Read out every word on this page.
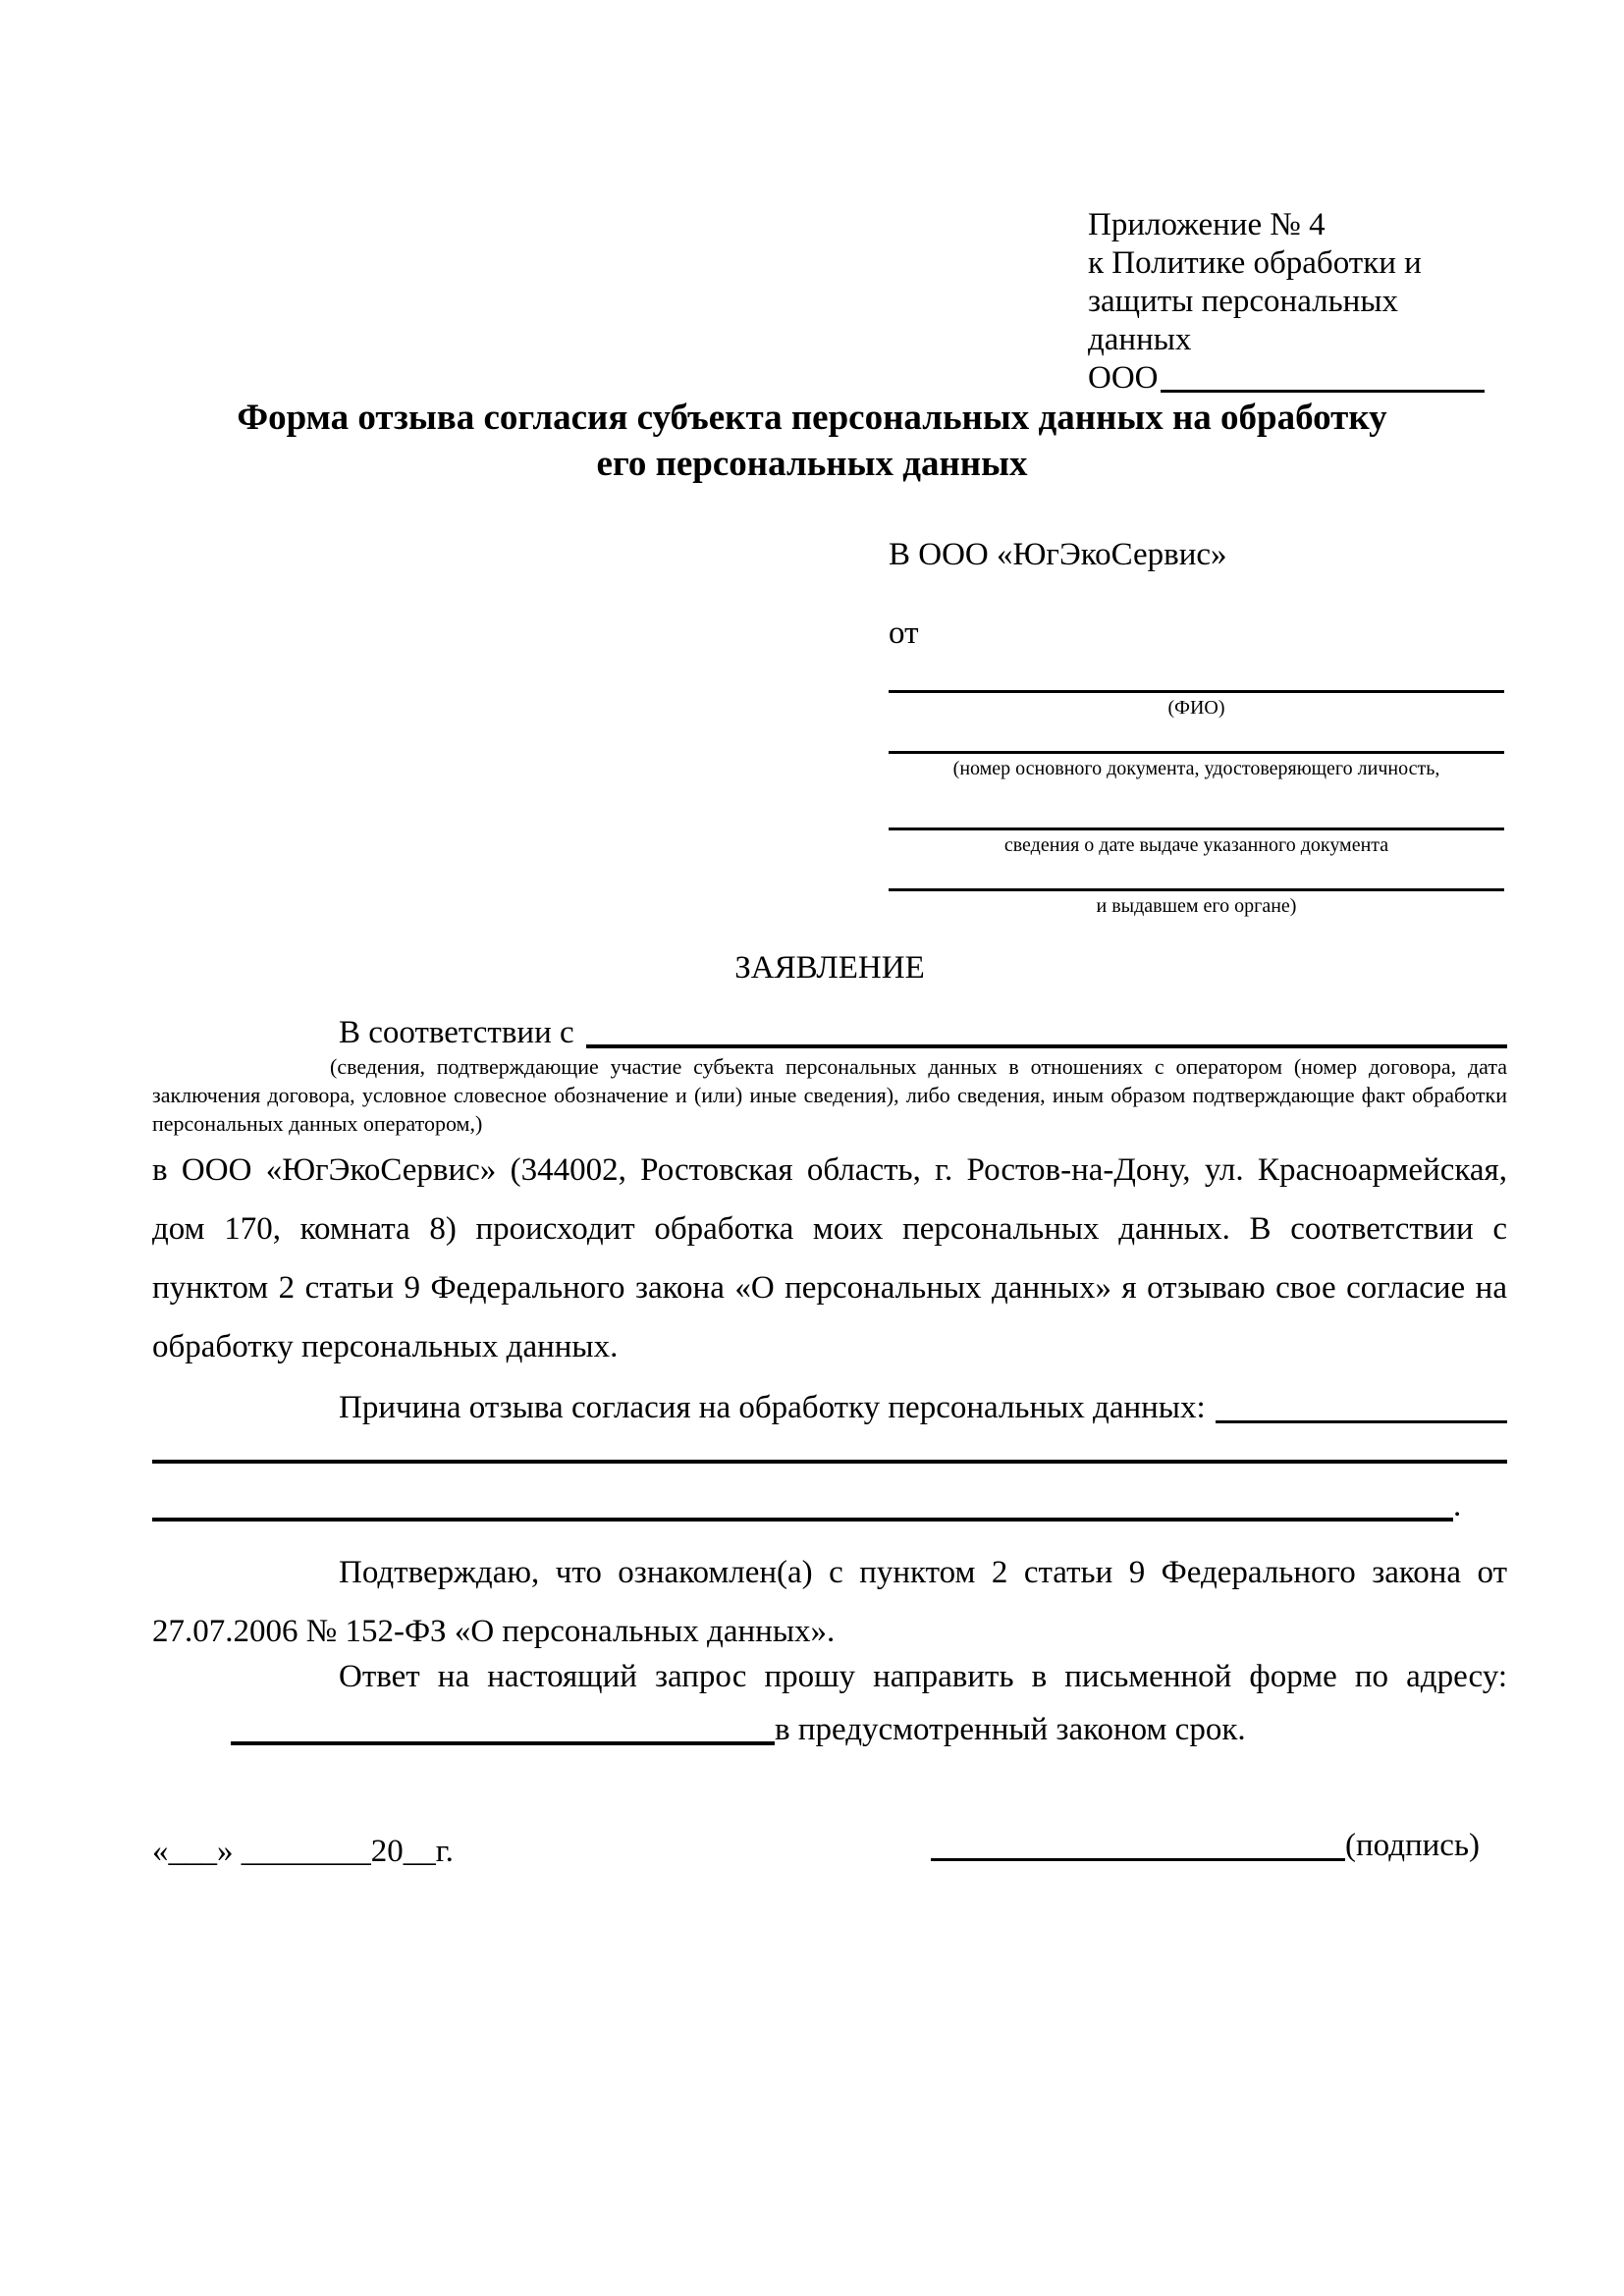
Приложение № 4
к Политике обработки и
защиты персональных данных
ООО
Форма отзыва согласия субъекта персональных данных на обработку
его персональных данных
В ООО «ЮгЭкоСервис»
от
(ФИО)
(номер основного документа, удостоверяющего личность,
сведения о дате выдаче указанного документа
и выдавшем его органе)
ЗАЯВЛЕНИЕ
В соответствии с
(сведения, подтверждающие участие субъекта персональных данных в отношениях с оператором (номер договора, дата заключения договора, условное словесное обозначение и (или) иные сведения), либо сведения, иным образом подтверждающие факт обработки персональных данных оператором,)
в ООО «ЮгЭкоСервис» (344002, Ростовская область, г. Ростов-на-Дону, ул. Красноармейская, дом 170, комната 8) происходит обработка моих персональных данных. В соответствии с пунктом 2 статьи 9 Федерального закона «О персональных данных» я отзываю свое согласие на обработку персональных данных.
Причина отзыва согласия на обработку персональных данных:
.
Подтверждаю, что ознакомлен(а) с пунктом 2 статьи 9 Федерального закона от 27.07.2006 № 152-ФЗ «О персональных данных».
Ответ на настоящий запрос прошу направить в письменной форме по адресу:
в предусмотренный законом срок.
«___» ________20__г.	(подпись)
